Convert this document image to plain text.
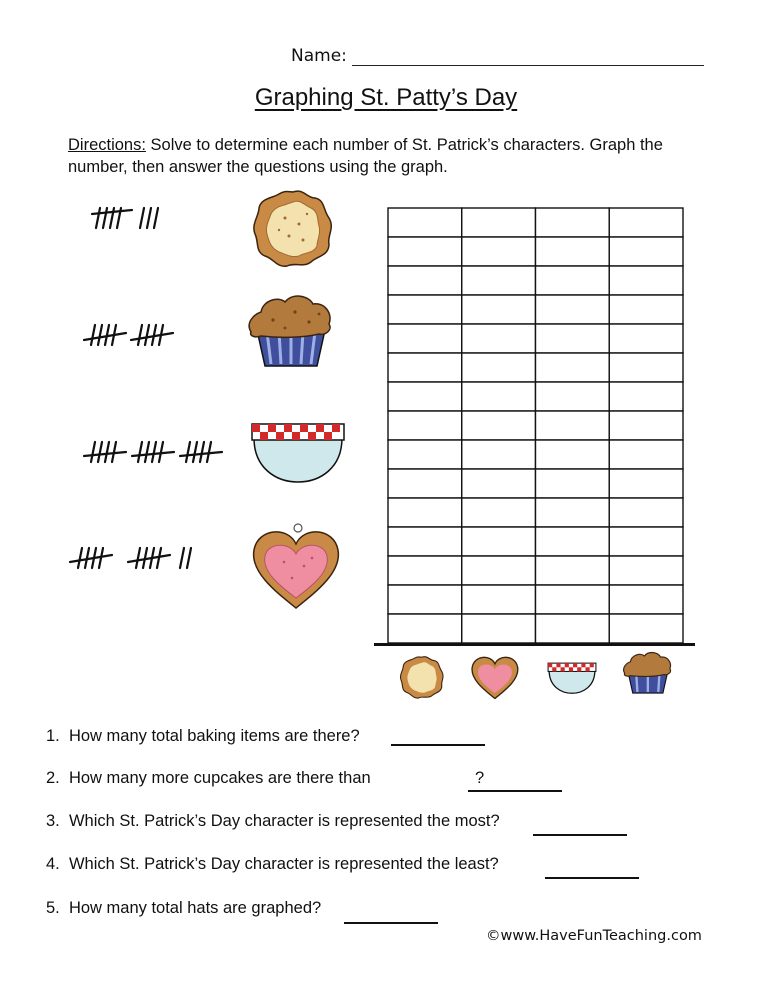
Name:
Graphing St. Patty’s Day
Directions: Solve to determine each number of St. Patrick’s characters. Graph the number, then answer the questions using the graph.
1. How many total baking items are there?
2. How many more cupcakes are there than	?
3. Which St. Patrick’s Day character is represented the most?
4.  Which St. Patrick’s Day character is represented the least?
5. How many total hats are graphed?
©www.HaveFunTeaching.com
